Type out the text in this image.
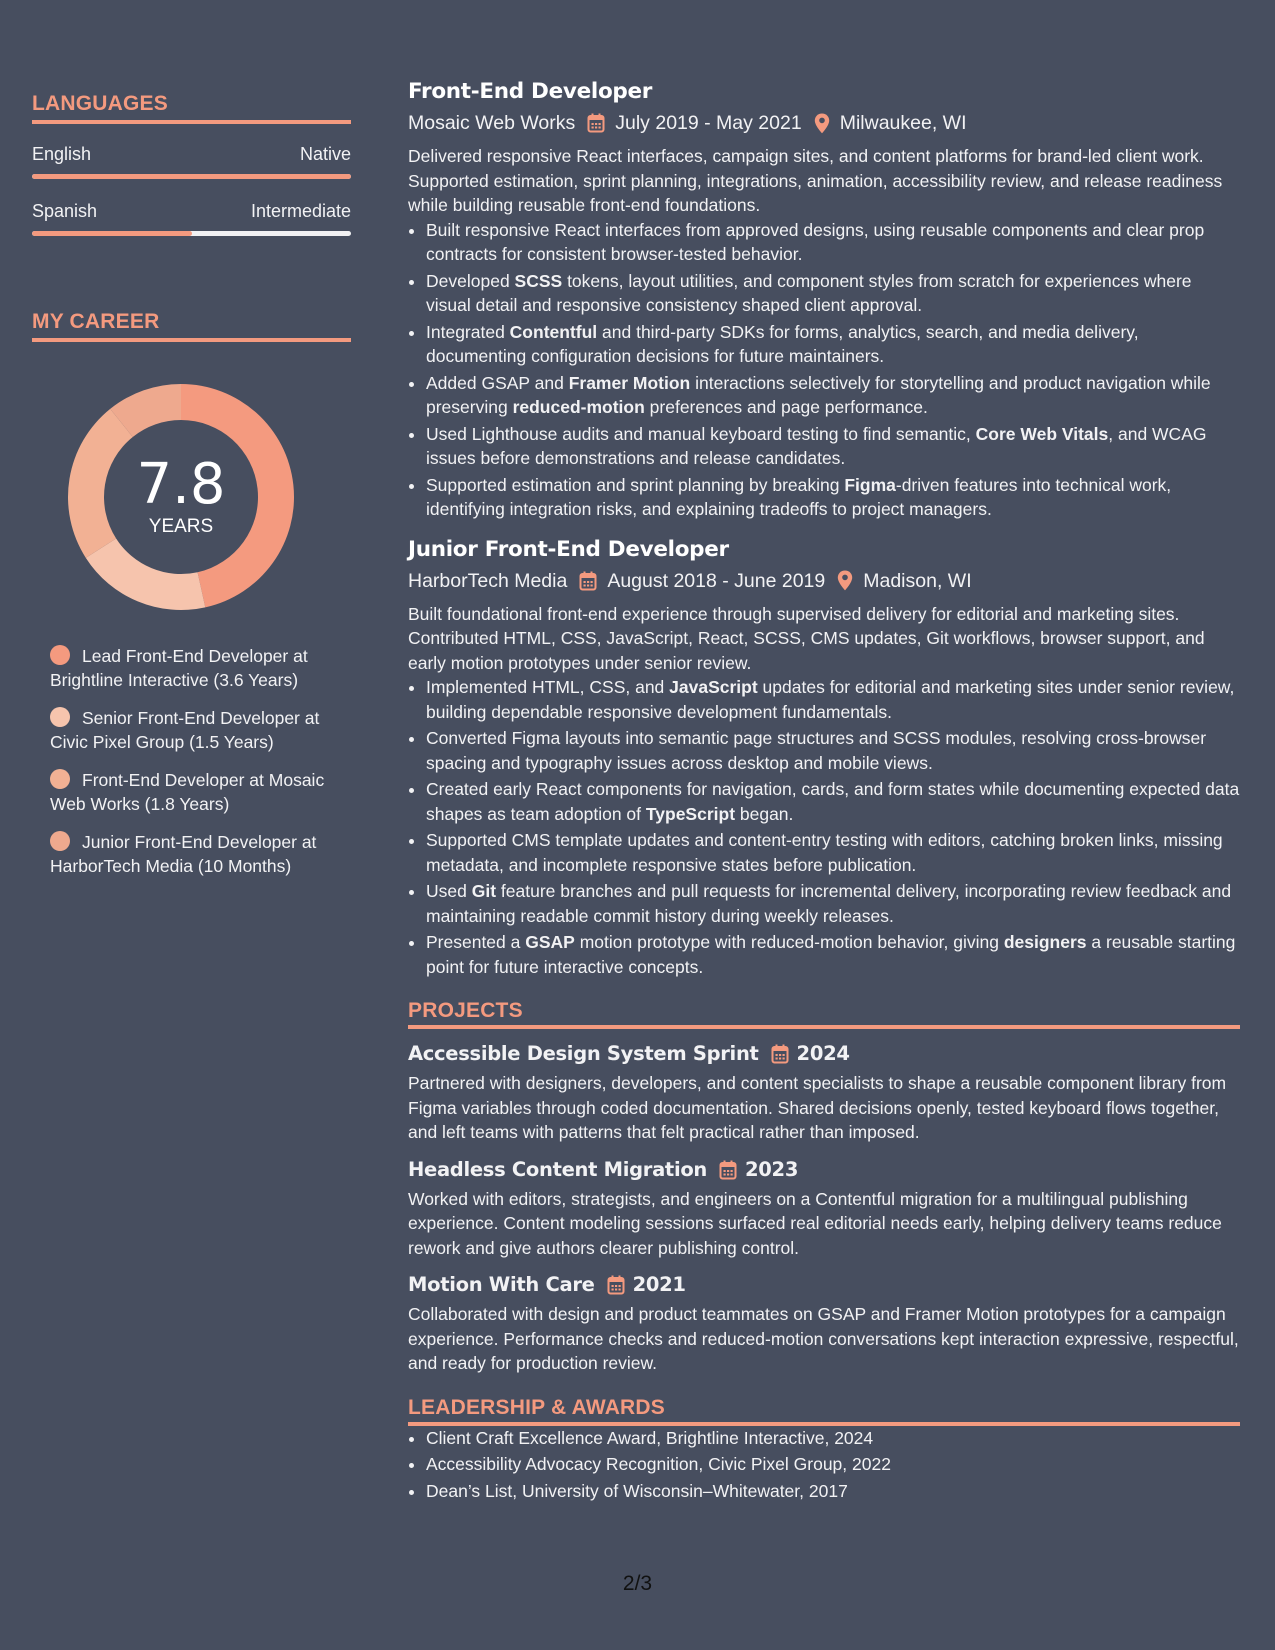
LANGUAGES
English	Native
Spanish	Intermediate
MY CAREER
7.8
YEARS
Lead Front-End Developer at Brightline Interactive (3.6 Years)
Senior Front-End Developer at Civic Pixel Group (1.5 Years)
Front-End Developer at Mosaic Web Works (1.8 Years)
Junior Front-End Developer at HarborTech Media (10 Months)
Front-End Developer
Mosaic Web Works July 2019 - May 2021 Milwaukee, WI
Delivered responsive React interfaces, campaign sites, and content platforms for brand-led client work. Supported estimation, sprint planning, integrations, animation, accessibility review, and release readiness while building reusable front-end foundations.
• Built responsive React interfaces from approved designs, using reusable components and clear prop contracts for consistent browser-tested behavior.
• Developed SCSS tokens, layout utilities, and component styles from scratch for experiences where visual detail and responsive consistency shaped client approval.
• Integrated Contentful and third-party SDKs for forms, analytics, search, and media delivery, documenting configuration decisions for future maintainers.
• Added GSAP and Framer Motion interactions selectively for storytelling and product navigation while preserving reduced-motion preferences and page performance.
• Used Lighthouse audits and manual keyboard testing to find semantic, Core Web Vitals, and WCAG issues before demonstrations and release candidates.
• Supported estimation and sprint planning by breaking Figma-driven features into technical work, identifying integration risks, and explaining tradeoffs to project managers.
Junior Front-End Developer
HarborTech Media August 2018 - June 2019 Madison, WI
Built foundational front-end experience through supervised delivery for editorial and marketing sites. Contributed HTML, CSS, JavaScript, React, SCSS, CMS updates, Git workflows, browser support, and early motion prototypes under senior review.
• Implemented HTML, CSS, and JavaScript updates for editorial and marketing sites under senior review, building dependable responsive development fundamentals.
• Converted Figma layouts into semantic page structures and SCSS modules, resolving cross-browser spacing and typography issues across desktop and mobile views.
• Created early React components for navigation, cards, and form states while documenting expected data shapes as team adoption of TypeScript began.
• Supported CMS template updates and content-entry testing with editors, catching broken links, missing metadata, and incomplete responsive states before publication.
• Used Git feature branches and pull requests for incremental delivery, incorporating review feedback and maintaining readable commit history during weekly releases.
• Presented a GSAP motion prototype with reduced-motion behavior, giving designers a reusable starting point for future interactive concepts.
PROJECTS
Accessible Design System Sprint 2024
Partnered with designers, developers, and content specialists to shape a reusable component library from Figma variables through coded documentation. Shared decisions openly, tested keyboard flows together, and left teams with patterns that felt practical rather than imposed.
Headless Content Migration 2023
Worked with editors, strategists, and engineers on a Contentful migration for a multilingual publishing experience. Content modeling sessions surfaced real editorial needs early, helping delivery teams reduce rework and give authors clearer publishing control.
Motion With Care 2021
Collaborated with design and product teammates on GSAP and Framer Motion prototypes for a campaign experience. Performance checks and reduced-motion conversations kept interaction expressive, respectful, and ready for production review.
LEADERSHIP & AWARDS
• Client Craft Excellence Award, Brightline Interactive, 2024
• Accessibility Advocacy Recognition, Civic Pixel Group, 2022
• Dean’s List, University of Wisconsin–Whitewater, 2017
2/3
